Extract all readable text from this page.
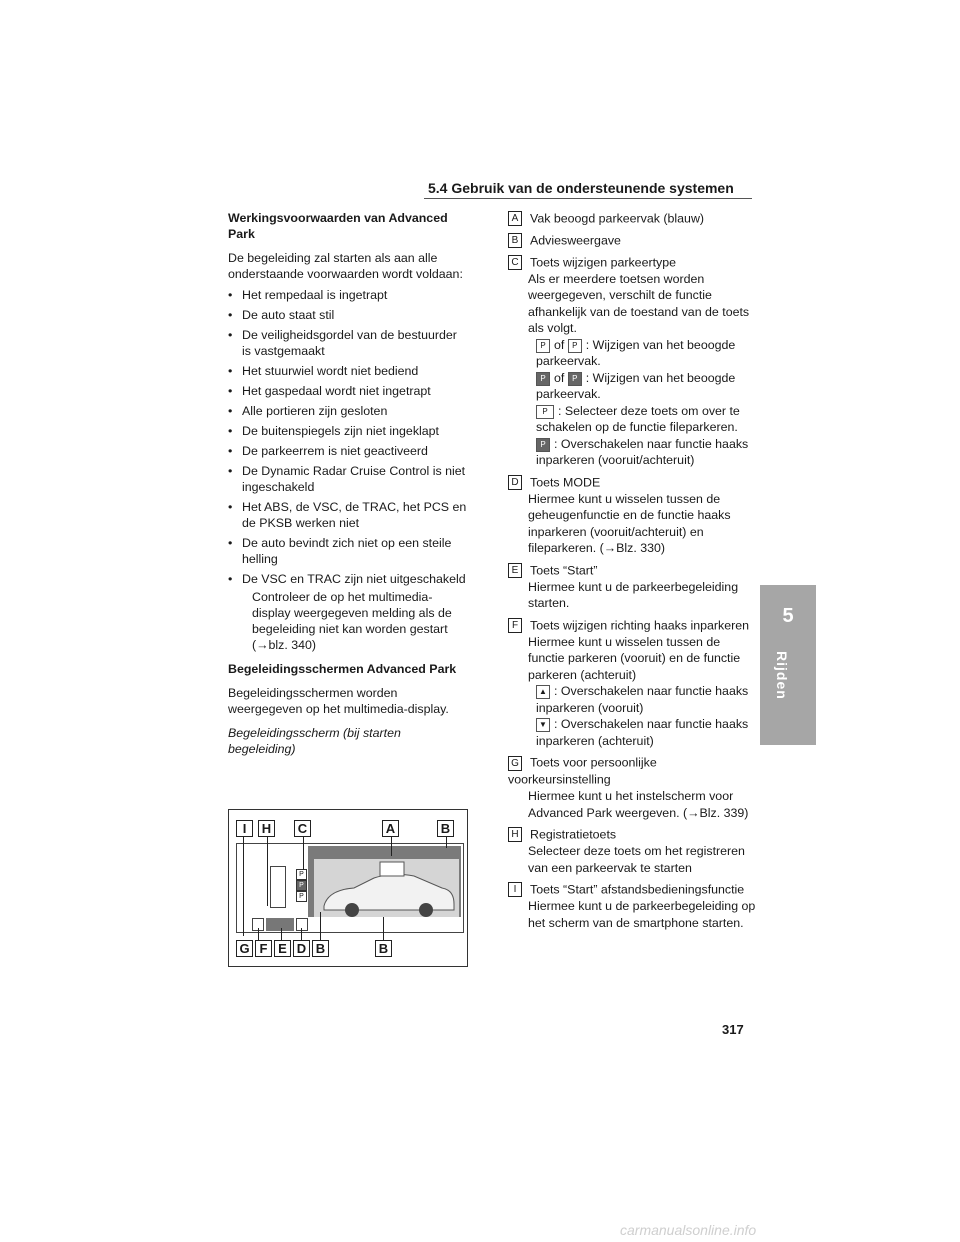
5.4 Gebruik van de ondersteunende systemen
5
Rijden
Werkingsvoorwaarden van Advanced Park

De begeleiding zal starten als aan alle onderstaande voorwaarden wordt voldaan:

• Het rempedaal is ingetrapt
• De auto staat stil
• De veiligheidsgordel van de bestuurder is vastgemaakt
• Het stuurwiel wordt niet bediend
• Het gaspedaal wordt niet ingetrapt
• Alle portieren zijn gesloten
• De buitenspiegels zijn niet ingeklapt
• De parkeerrem is niet geactiveerd
• De Dynamic Radar Cruise Control is niet ingeschakeld
• Het ABS, de VSC, de TRAC, het PCS en de PKSB werken niet
• De auto bevindt zich niet op een steile helling
• De VSC en TRAC zijn niet uitgeschakeld
Controleer de op het multimedia-display weergegeven melding als de begeleiding niet kan worden gestart (→blz. 340)
Begeleidingsschermen Advanced Park

Begeleidingsschermen worden weergegeven op het multimedia-display.

Begeleidingsscherm (bij starten begeleiding)

P
P
P
I	H C	A	B
G F E D B	B
A Vak beoogd parkeervak (blauw)
B Adviesweergave
C Toets wijzigen parkeertype
Als er meerdere toetsen worden weergegeven, verschilt de functie afhankelijk van de toestand van de toets als volgt.
P of P : Wijzigen van het beoogde parkeervak.
P of P : Wijzigen van het beoogde parkeervak.
P : Selecteer deze toets om over te schakelen op de functie fileparkeren.
P : Overschakelen naar functie haaks inparkeren (vooruit/achteruit)
D Toets MODE
Hiermee kunt u wisselen tussen de geheugenfunctie en de functie haaks inparkeren (vooruit/achteruit) en fileparkeren. (→Blz. 330)
E Toets “Start”
Hiermee kunt u de parkeerbegeleiding starten.
F Toets wijzigen richting haaks inparkeren
Hiermee kunt u wisselen tussen de functie parkeren (vooruit) en de functie parkeren (achteruit)
▲ : Overschakelen naar functie haaks inparkeren (vooruit)
▼ : Overschakelen naar functie haaks inparkeren (achteruit)
G Toets voor persoonlijke voorkeursinstelling
Hiermee kunt u het instelscherm voor Advanced Park weergeven. (→Blz. 339)
H Registratietoets
Selecteer deze toets om het registreren van een parkeervak te starten
I Toets “Start” afstandsbedieningsfunctie
Hiermee kunt u de parkeerbegeleiding op het scherm van de smartphone starten.
317
carmanualsonline.info
